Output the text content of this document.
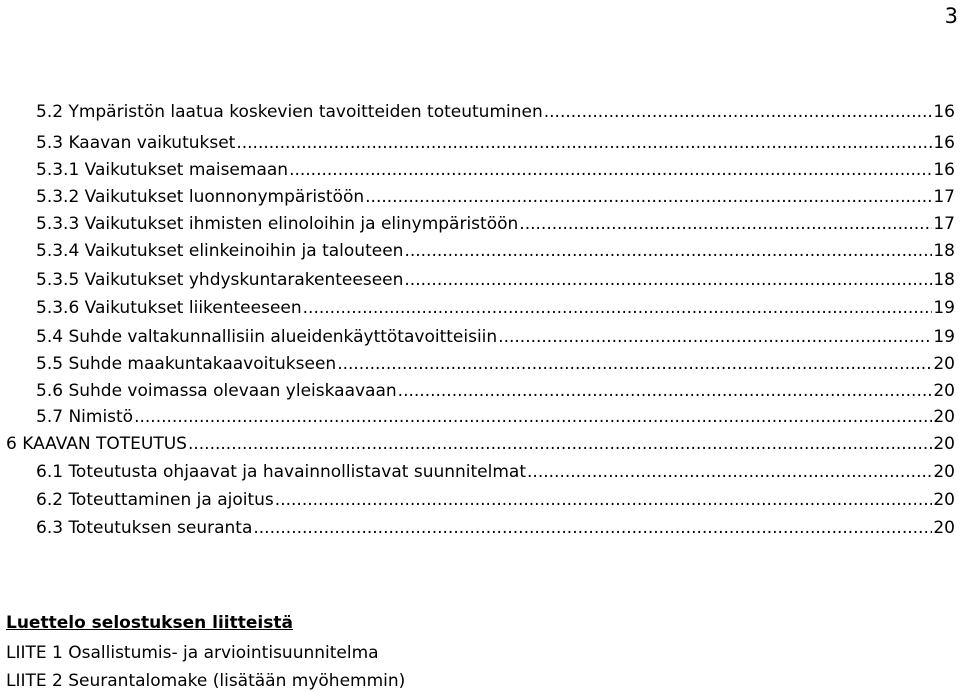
3
5.2 Ympäristön laatua koskevien tavoitteiden toteutuminen .....	16
5.3 Kaavan vaikutukset .....	16
5.3.1 Vaikutukset maisemaan .....	16
5.3.2 Vaikutukset luonnonympäristöön .....	17
5.3.3 Vaikutukset ihmisten elinoloihin ja elinympäristöön .....	17
5.3.4 Vaikutukset elinkeinoihin ja talouteen .....	18
5.3.5 Vaikutukset yhdyskuntarakenteeseen .....	18
5.3.6 Vaikutukset liikenteeseen .....	19
5.4 Suhde valtakunnallisiin alueidenkäyttötavoitteisiin .....	19
5.5 Suhde maakuntakaavoitukseen .....	20
5.6 Suhde voimassa olevaan yleiskaavaan .....	20
5.7 Nimistö .....	20
6 KAAVAN TOTEUTUS .....	20
6.1 Toteutusta ohjaavat ja havainnollistavat suunnitelmat .....	20
6.2 Toteuttaminen ja ajoitus .....	20
6.3 Toteutuksen seuranta .....	20
Luettelo selostuksen liitteistä
LIITE 1 Osallistumis- ja arviointisuunnitelma
LIITE 2 Seurantalomake (lisätään myöhemmin)
